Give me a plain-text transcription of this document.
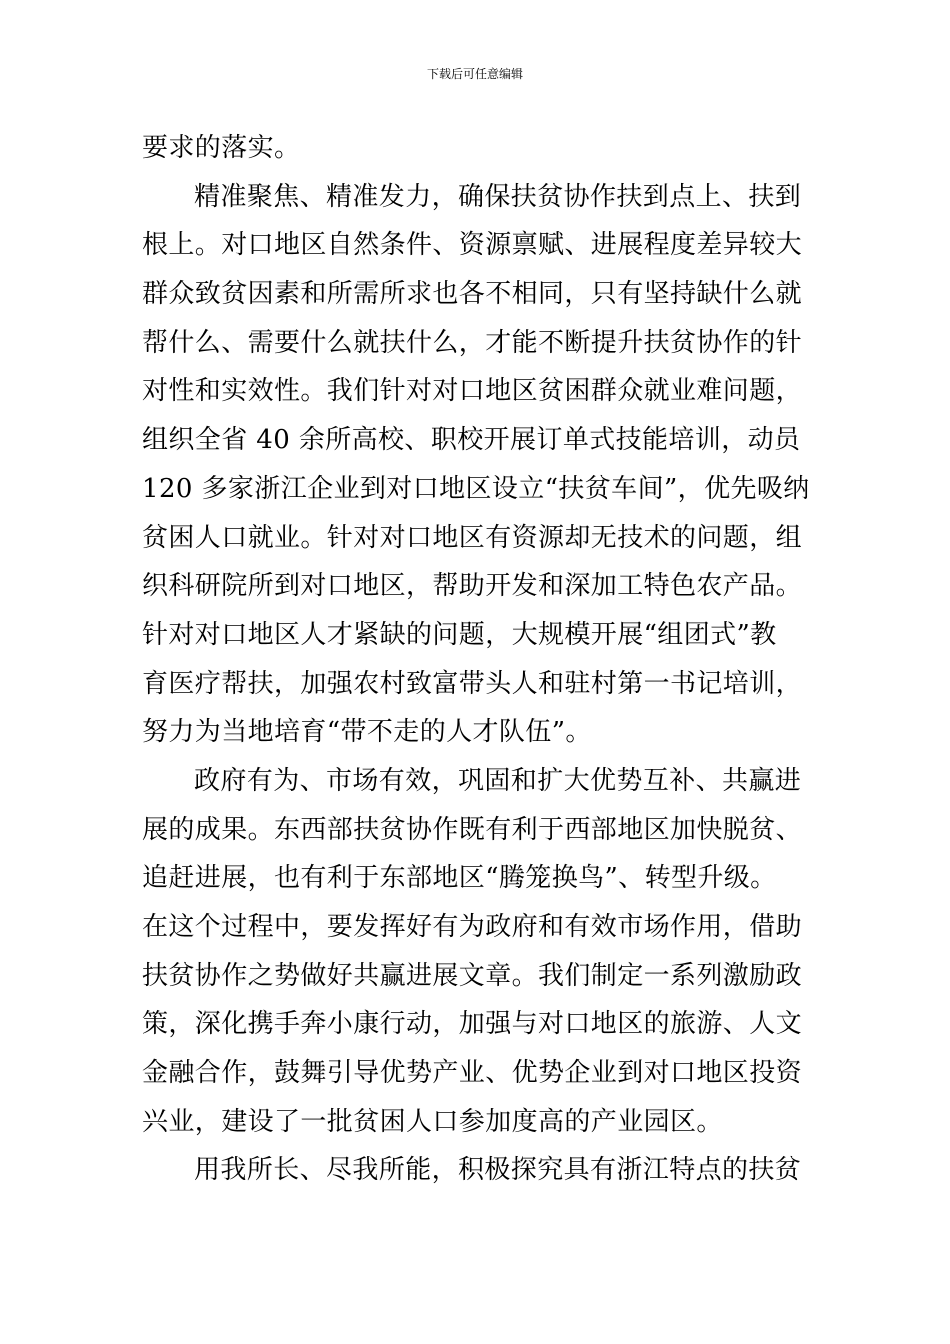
下载后可任意编辑
要求的落实。
精准聚焦、精准发力，确保扶贫协作扶到点上、扶到
根上。对口地区自然条件、资源禀赋、进展程度差异较大
群众致贫因素和所需所求也各不相同，只有坚持缺什么就
帮什么、需要什么就扶什么，才能不断提升扶贫协作的针
对性和实效性。我们针对对口地区贫困群众就业难问题，
组织全省 40 余所高校、职校开展订单式技能培训，动员
120 多家浙江企业到对口地区设立“扶贫车间”，优先吸纳
贫困人口就业。针对对口地区有资源却无技术的问题，组
织科研院所到对口地区，帮助开发和深加工特色农产品。
针对对口地区人才紧缺的问题，大规模开展“组团式”教
育医疗帮扶，加强农村致富带头人和驻村第一书记培训，
努力为当地培育“带不走的人才队伍”。
政府有为、市场有效，巩固和扩大优势互补、共赢进
展的成果。东西部扶贫协作既有利于西部地区加快脱贫、
追赶进展，也有利于东部地区“腾笼换鸟”、转型升级。
在这个过程中，要发挥好有为政府和有效市场作用，借助
扶贫协作之势做好共赢进展文章。我们制定一系列激励政
策，深化携手奔小康行动，加强与对口地区的旅游、人文
金融合作，鼓舞引导优势产业、优势企业到对口地区投资
兴业，建设了一批贫困人口参加度高的产业园区。
用我所长、尽我所能，积极探究具有浙江特点的扶贫
